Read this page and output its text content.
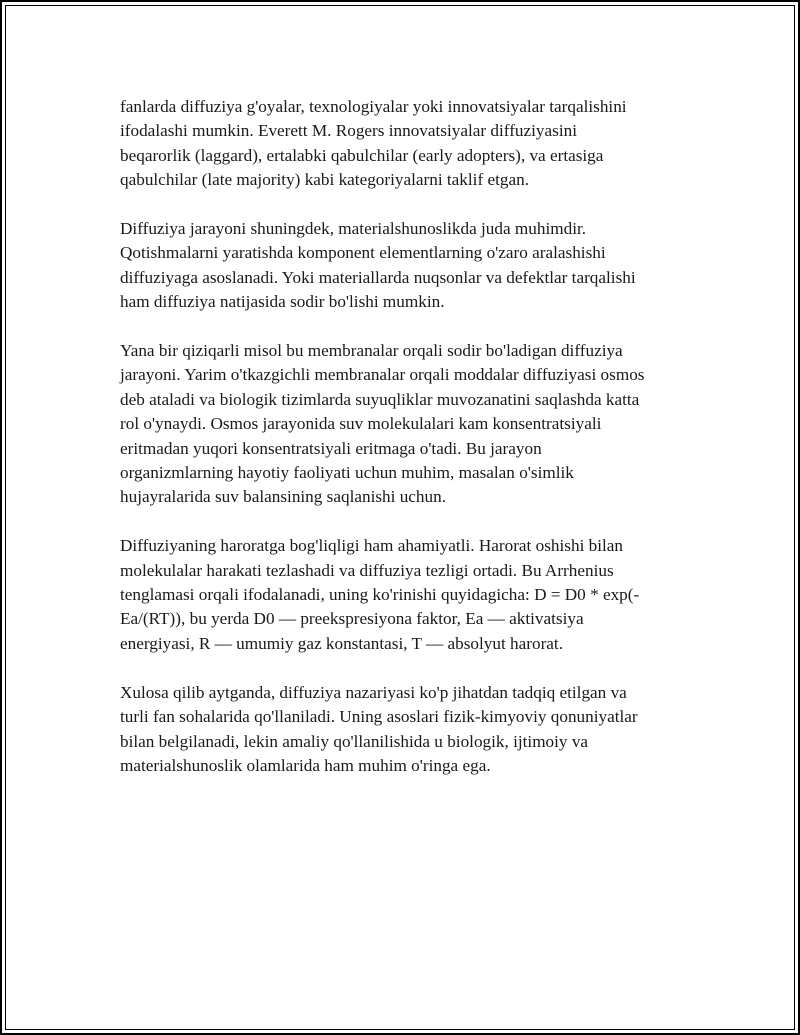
fanlarda diffuziya g'oyalar, texnologiyalar yoki innovatsiyalar tarqalishini
ifodalashi mumkin. Everett M. Rogers innovatsiyalar diffuziyasini
beqarorlik (laggard), ertalabki qabulchilar (early adopters), va ertasiga
qabulchilar (late majority) kabi kategoriyalarni taklif etgan.

Diffuziya jarayoni shuningdek, materialshunoslikda juda muhimdir.
Qotishmalarni yaratishda komponent elementlarning o'zaro aralashishi
diffuziyaga asoslanadi. Yoki materiallarda nuqsonlar va defektlar tarqalishi
ham diffuziya natijasida sodir bo'lishi mumkin.

Yana bir qiziqarli misol bu membranalar orqali sodir bo'ladigan diffuziya
jarayoni. Yarim o'tkazgichli membranalar orqali moddalar diffuziyasi osmos
deb ataladi va biologik tizimlarda suyuqliklar muvozanatini saqlashda katta
rol o'ynaydi. Osmos jarayonida suv molekulalari kam konsentratsiyali
eritmadan yuqori konsentratsiyali eritmaga o'tadi. Bu jarayon
organizmlarning hayotiy faoliyati uchun muhim, masalan o'simlik
hujayralarida suv balansining saqlanishi uchun.

Diffuziyaning haroratga bog'liqligi ham ahamiyatli. Harorat oshishi bilan
molekulalar harakati tezlashadi va diffuziya tezligi ortadi. Bu Arrhenius
tenglamasi orqali ifodalanadi, uning ko'rinishi quyidagicha: D = D0 * exp(-
Ea/(RT)), bu yerda D0 — preekspresiyona faktor, Ea — aktivatsiya
energiyasi, R — umumiy gaz konstantasi, T — absolyut harorat.

Xulosa qilib aytganda, diffuziya nazariyasi ko'p jihatdan tadqiq etilgan va
turli fan sohalarida qo'llaniladi. Uning asoslari fizik-kimyoviy qonuniyatlar
bilan belgilanadi, lekin amaliy qo'llanilishida u biologik, ijtimoiy va
materialshunoslik olamlarida ham muhim o'ringa ega.
